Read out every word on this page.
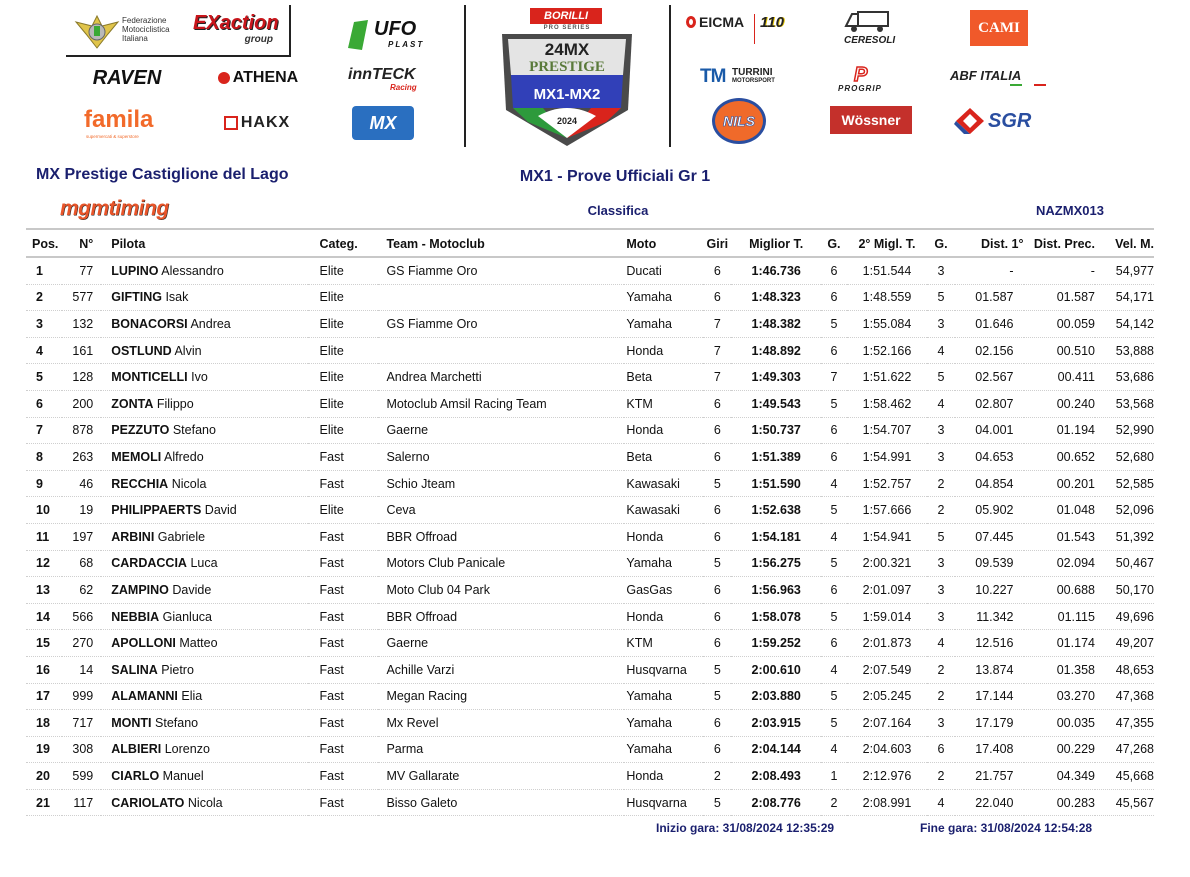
Federazione
Motociclistica
Italiana
EXaction
group	UFO
PLAST
RAVEN	ATHENA	innTECK
Racing
famila
supermercati & superstore
HAKX	MX
BORILLI
PRO SERIES
24MX
PRESTIGE
MX1-MX2
2024
EICMA 110
CERESOLI
CAMI
TM TURRINI
MOTORSPORT	P
PROGRIP
ABF ITALIA
NILS	Wössner	SGR
MX Prestige Castiglione del Lago	MX1 - Prove Ufficiali Gr 1
mgmtiming	Classifica	NAZMX013
Pos.	N°	Pilota	Categ.	Team - Motoclub	Moto	Giri	Miglior T.	G.	2° Migl. T.	G.	Dist. 1°	Dist. Prec.	Vel. M.
1	77	LUPINO Alessandro	Elite	GS Fiamme Oro	Ducati	6	1:46.736	6	1:51.544	3	-	-	54,977
2	577	GIFTING Isak	Elite		Yamaha	6	1:48.323	6	1:48.559	5	01.587	01.587	54,171
3	132	BONACORSI Andrea	Elite	GS Fiamme Oro	Yamaha	7	1:48.382	5	1:55.084	3	01.646	00.059	54,142
4	161	OSTLUND Alvin	Elite		Honda	7	1:48.892	6	1:52.166	4	02.156	00.510	53,888
5	128	MONTICELLI Ivo	Elite	Andrea Marchetti	Beta	7	1:49.303	7	1:51.622	5	02.567	00.411	53,686
6	200	ZONTA Filippo	Elite	Motoclub Amsil Racing Team	KTM	6	1:49.543	5	1:58.462	4	02.807	00.240	53,568
7	878	PEZZUTO Stefano	Elite	Gaerne	Honda	6	1:50.737	6	1:54.707	3	04.001	01.194	52,990
8	263	MEMOLI Alfredo	Fast	Salerno	Beta	6	1:51.389	6	1:54.991	3	04.653	00.652	52,680
9	46	RECCHIA Nicola	Fast	Schio Jteam	Kawasaki	5	1:51.590	4	1:52.757	2	04.854	00.201	52,585
10	19	PHILIPPAERTS David	Elite	Ceva	Kawasaki	6	1:52.638	5	1:57.666	2	05.902	01.048	52,096
11	197	ARBINI Gabriele	Fast	BBR Offroad	Honda	6	1:54.181	4	1:54.941	5	07.445	01.543	51,392
12	68	CARDACCIA Luca	Fast	Motors Club Panicale	Yamaha	5	1:56.275	5	2:00.321	3	09.539	02.094	50,467
13	62	ZAMPINO Davide	Fast	Moto Club 04 Park	GasGas	6	1:56.963	6	2:01.097	3	10.227	00.688	50,170
14	566	NEBBIA Gianluca	Fast	BBR Offroad	Honda	6	1:58.078	5	1:59.014	3	11.342	01.115	49,696
15	270	APOLLONI Matteo	Fast	Gaerne	KTM	6	1:59.252	6	2:01.873	4	12.516	01.174	49,207
16	14	SALINA Pietro	Fast	Achille Varzi	Husqvarna	5	2:00.610	4	2:07.549	2	13.874	01.358	48,653
17	999	ALAMANNI Elia	Fast	Megan Racing	Yamaha	5	2:03.880	5	2:05.245	2	17.144	03.270	47,368
18	717	MONTI Stefano	Fast	Mx Revel	Yamaha	6	2:03.915	5	2:07.164	3	17.179	00.035	47,355
19	308	ALBIERI Lorenzo	Fast	Parma	Yamaha	6	2:04.144	4	2:04.603	6	17.408	00.229	47,268
20	599	CIARLO Manuel	Fast	MV Gallarate	Honda	2	2:08.493	1	2:12.976	2	21.757	04.349	45,668
21	117	CARIOLATO Nicola	Fast	Bisso Galeto	Husqvarna	5	2:08.776	2	2:08.991	4	22.040	00.283	45,567
Inizio gara: 31/08/2024 12:35:29	Fine gara: 31/08/2024 12:54:28
